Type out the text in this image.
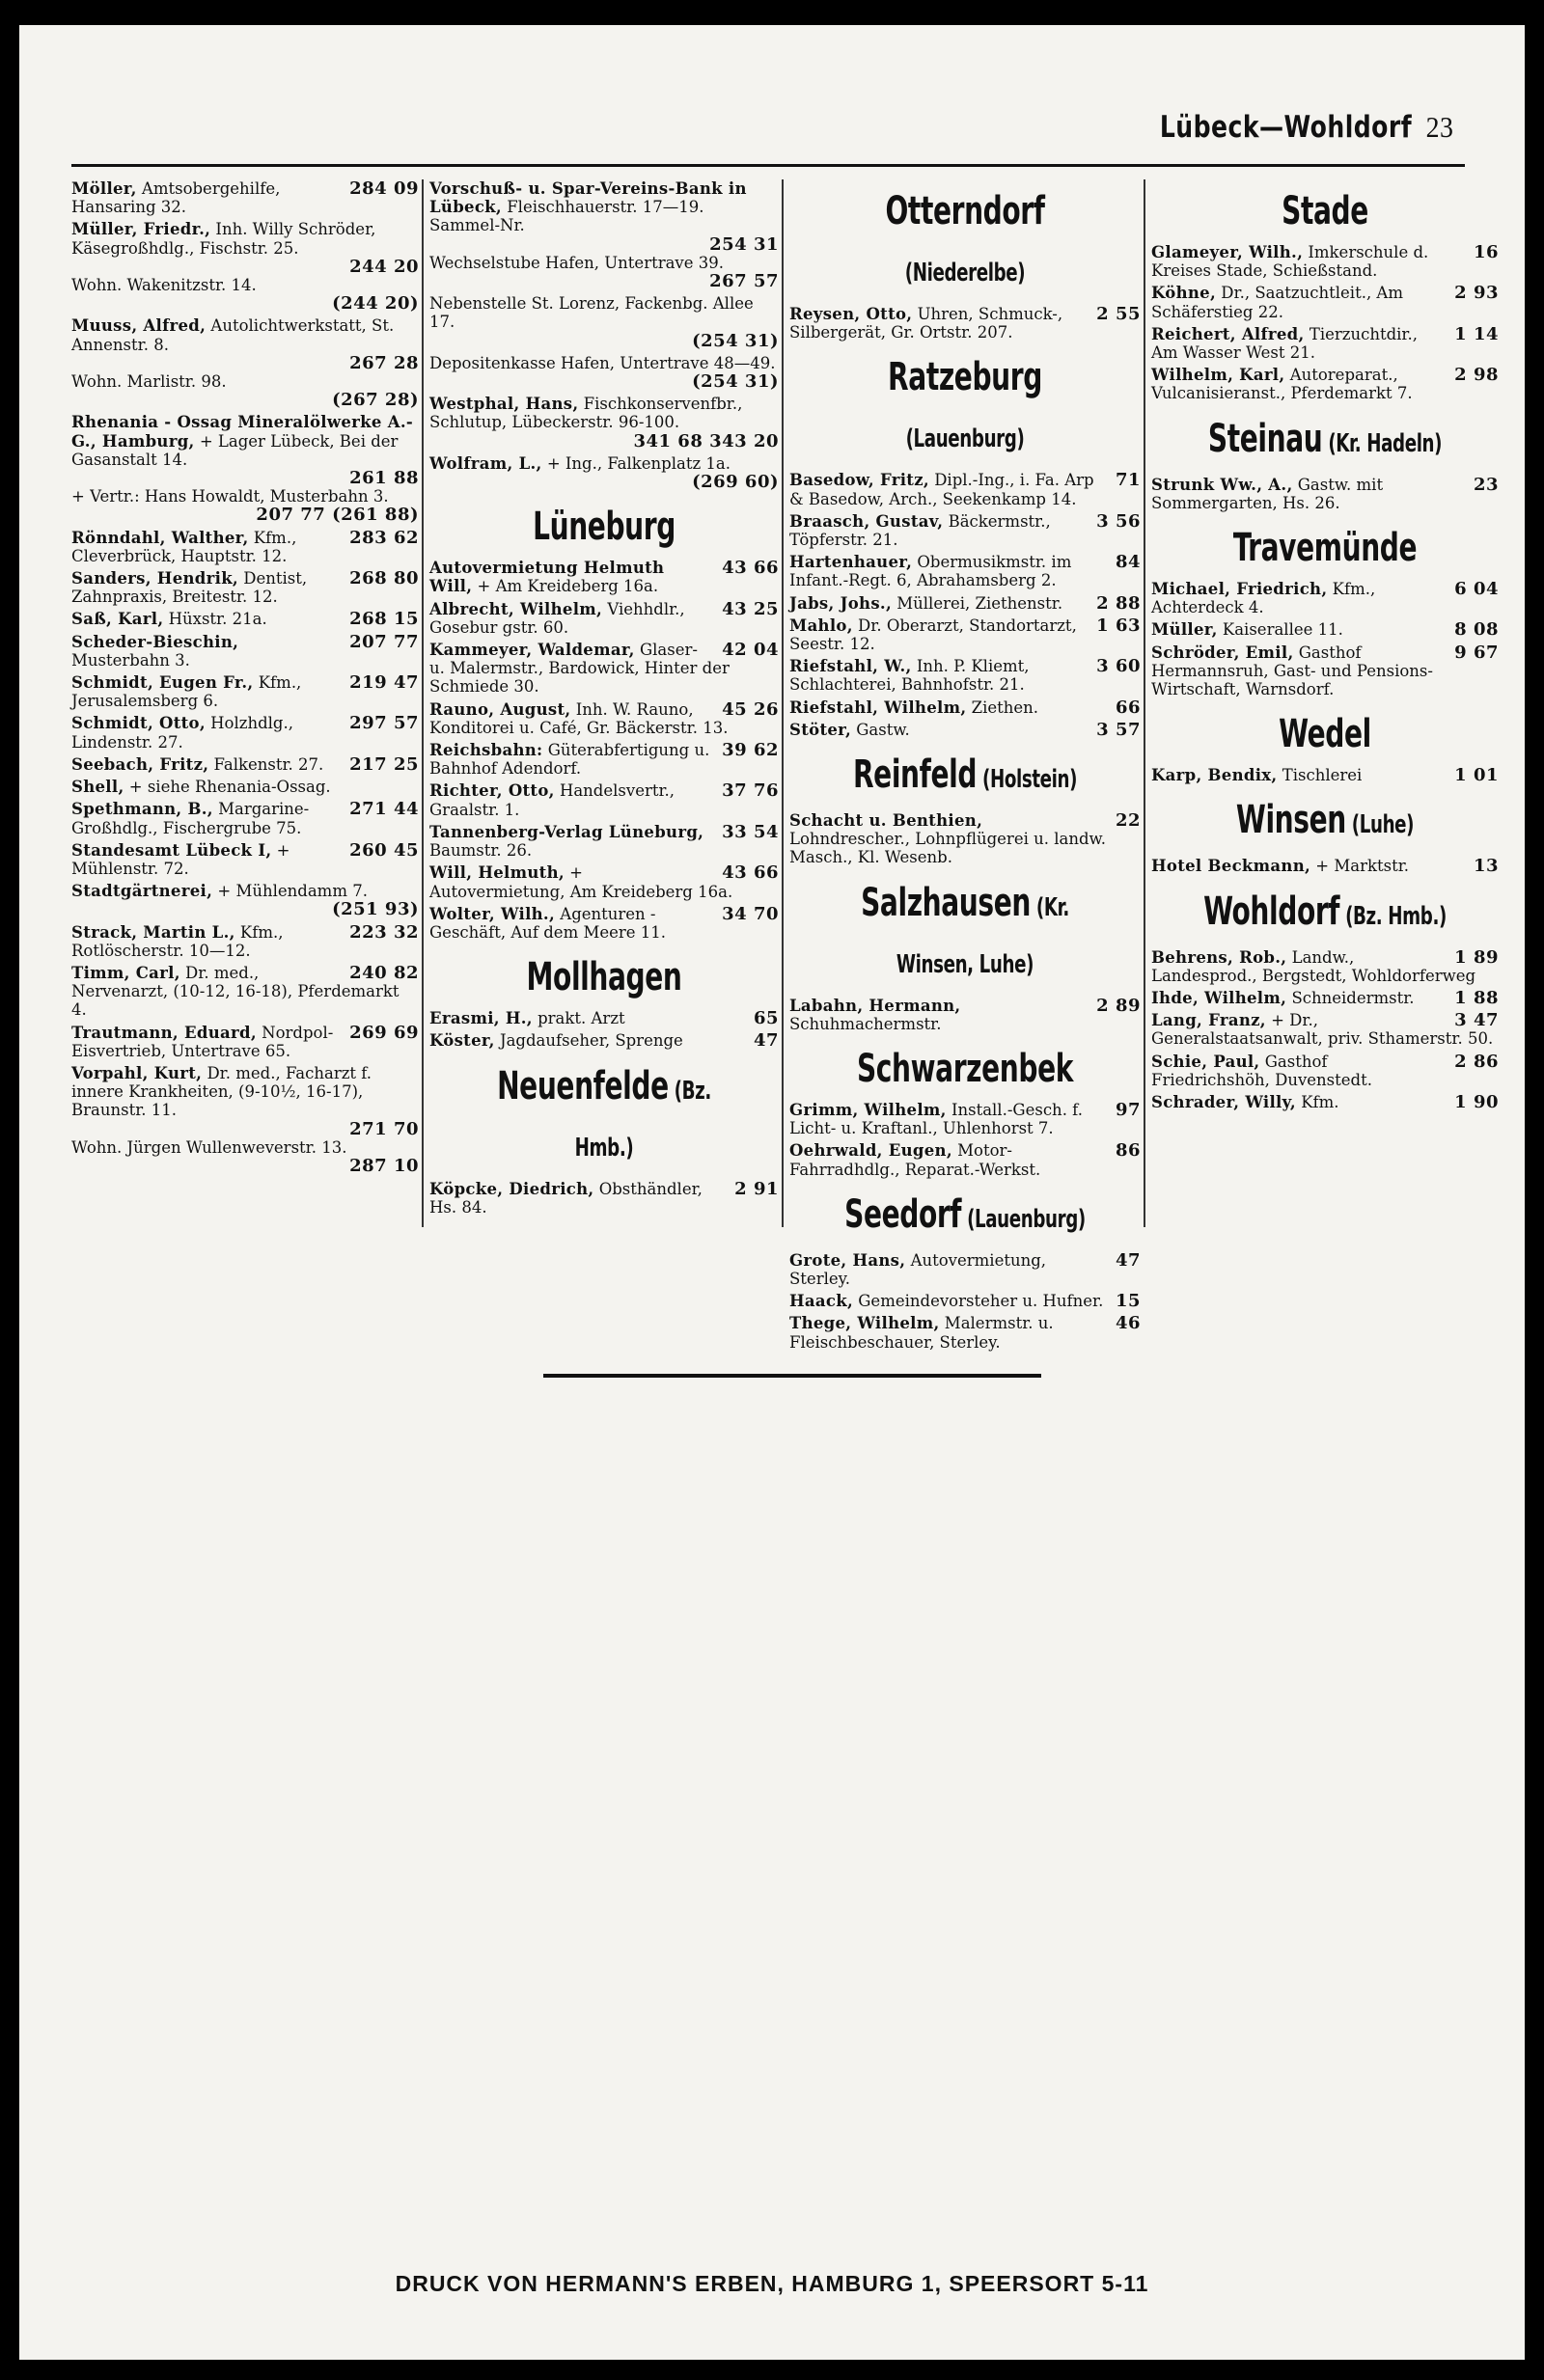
Lübeck—Wohldorf 23
284 09
Möller, Amtsobergehilfe, Hansaring 32.
Müller, Friedr., Inh. Willy Schröder, Käsegroßhdlg., Fischstr. 25.
244 20
Wohn. Wakenitzstr. 14.
(244 20)
Muuss, Alfred, Autolichtwerkstatt, St. Annenstr. 8.
267 28
Wohn. Marlistr. 98.
(267 28)
Rhenania - Ossag Mineralölwerke A.-G., Hamburg, + Lager Lübeck, Bei der Gasanstalt 14.
261 88
+ Vertr.: Hans Howaldt, Musterbahn 3.
207 77 (261 88)
283 62
Rönndahl, Walther, Kfm., Cleverbrück, Hauptstr. 12.
268 80
Sanders, Hendrik, Dentist, Zahnpraxis, Breitestr. 12.
268 15
Saß, Karl, Hüxstr. 21a.
207 77
Scheder-Bieschin, Musterbahn 3.
219 47
Schmidt, Eugen Fr., Kfm., Jerusalemsberg 6.
297 57
Schmidt, Otto, Holzhdlg., Lindenstr. 27.
217 25
Seebach, Fritz, Falkenstr. 27.
Shell, + siehe Rhenania-Ossag.
271 44
Spethmann, B., Margarine-Großhdlg., Fischergrube 75.
260 45
Standesamt Lübeck I, + Mühlenstr. 72.
Stadtgärtnerei, + Mühlendamm 7.
(251 93)
223 32
Strack, Martin L., Kfm., Rotlöscherstr. 10—12.
240 82
Timm, Carl, Dr. med., Nervenarzt, (10-12, 16-18), Pferdemarkt 4.
269 69
Trautmann, Eduard, Nordpol-Eisvertrieb, Untertrave 65.
Vorpahl, Kurt, Dr. med., Facharzt f. innere Krankheiten, (9-10½, 16-17), Braunstr. 11.
271 70
Wohn. Jürgen Wullenweverstr. 13.
287 10
Vorschuß- u. Spar-Vereins-Bank in Lübeck, Fleischhauerstr. 17—19. Sammel-Nr.
254 31
Wechselstube Hafen, Untertrave 39.
267 57
Nebenstelle St. Lorenz, Fackenbg. Allee 17.
(254 31)
Depositenkasse Hafen, Untertrave 48—49.
(254 31)
Westphal, Hans, Fischkonservenfbr., Schlutup, Lübeckerstr. 96-100.
341 68 343 20
Wolfram, L., + Ing., Falkenplatz 1a.
(269 60)
Lüneburg
43 66
Autovermietung Helmuth Will, + Am Kreideberg 16a.
43 25
Albrecht, Wilhelm, Viehhdlr., Gosebur gstr. 60.
42 04
Kammeyer, Waldemar, Glaser- u. Malermstr., Bardowick, Hinter der Schmiede 30.
45 26
Rauno, August, Inh. W. Rauno, Konditorei u. Café, Gr. Bäckerstr. 13.
39 62
Reichsbahn: Güterabfertigung u. Bahnhof Adendorf.
37 76
Richter, Otto, Handelsvertr., Graalstr. 1.
33 54
Tannenberg-Verlag Lüneburg, Baumstr. 26.
43 66
Will, Helmuth, + Autovermietung, Am Kreideberg 16a.
34 70
Wolter, Wilh., Agenturen - Geschäft, Auf dem Meere 11.
Mollhagen
65
Erasmi, H., prakt. Arzt
47
Köster, Jagdaufseher, Sprenge
Neuenfelde (Bz. Hmb.)
2 91
Köpcke, Diedrich, Obsthändler, Hs. 84.
Otterndorf (Niederelbe)
2 55
Reysen, Otto, Uhren, Schmuck-, Silbergerät, Gr. Ortstr. 207.
Ratzeburg (Lauenburg)
71
Basedow, Fritz, Dipl.-Ing., i. Fa. Arp & Basedow, Arch., Seekenkamp 14.
3 56
Braasch, Gustav, Bäckermstr., Töpferstr. 21.
84
Hartenhauer, Obermusikmstr. im Infant.-Regt. 6, Abrahamsberg 2.
2 88
Jabs, Johs., Müllerei, Ziethenstr.
1 63
Mahlo, Dr. Oberarzt, Standortarzt, Seestr. 12.
3 60
Riefstahl, W., Inh. P. Kliemt, Schlachterei, Bahnhofstr. 21.
66
Riefstahl, Wilhelm, Ziethen.
3 57
Stöter, Gastw.
Reinfeld (Holstein)
22
Schacht u. Benthien, Lohndrescher., Lohnpflügerei u. landw. Masch., Kl. Wesenb.
Salzhausen (Kr. Winsen, Luhe)
2 89
Labahn, Hermann, Schuhmachermstr.
Schwarzenbek
97
Grimm, Wilhelm, Install.-Gesch. f. Licht- u. Kraftanl., Uhlenhorst 7.
86
Oehrwald, Eugen, Motor-Fahrradhdlg., Reparat.-Werkst.
Seedorf (Lauenburg)
47
Grote, Hans, Autovermietung, Sterley.
15
Haack, Gemeindevorsteher u. Hufner.
46
Thege, Wilhelm, Malermstr. u. Fleischbeschauer, Sterley.
Stade
16
Glameyer, Wilh., Imkerschule d. Kreises Stade, Schießstand.
2 93
Köhne, Dr., Saatzuchtleit., Am Schäferstieg 22.
1 14
Reichert, Alfred, Tierzuchtdir., Am Wasser West 21.
2 98
Wilhelm, Karl, Autoreparat., Vulcanisieranst., Pferdemarkt 7.
Steinau (Kr. Hadeln)
23
Strunk Ww., A., Gastw. mit Sommergarten, Hs. 26.
Travemünde
6 04
Michael, Friedrich, Kfm., Achterdeck 4.
8 08
Müller, Kaiserallee 11.
9 67
Schröder, Emil, Gasthof Hermannsruh, Gast- und Pensions-Wirtschaft, Warnsdorf.
Wedel
1 01
Karp, Bendix, Tischlerei
Winsen (Luhe)
13
Hotel Beckmann, + Marktstr.
Wohldorf (Bz. Hmb.)
1 89
Behrens, Rob., Landw., Landesprod., Bergstedt, Wohldorferweg
1 88
Ihde, Wilhelm, Schneidermstr.
3 47
Lang, Franz, + Dr., Generalstaatsanwalt, priv. Sthamerstr. 50.
2 86
Schie, Paul, Gasthof Friedrichshöh, Duvenstedt.
1 90
Schrader, Willy, Kfm.
DRUCK VON HERMANN'S ERBEN, HAMBURG 1, SPEERSORT 5-11
